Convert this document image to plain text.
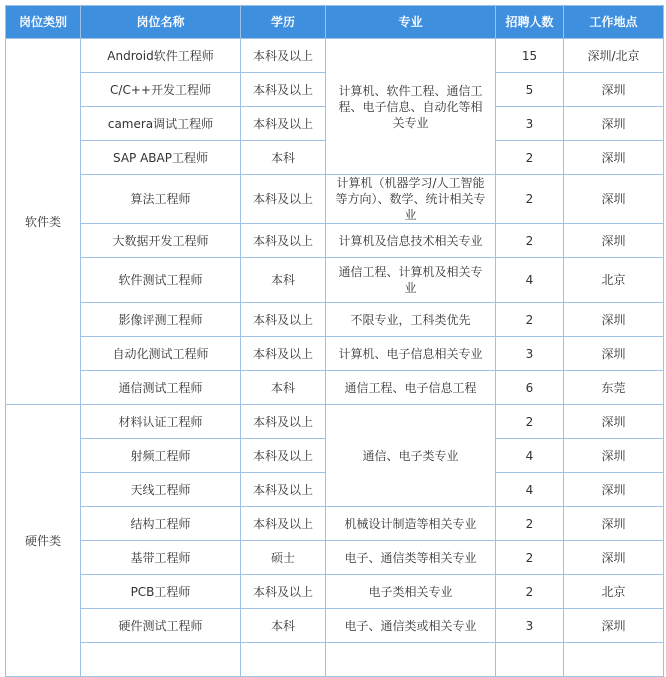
岗位类别	岗位名称	学历	专业	招聘人数	工作地点
软件类	Android软件工程师	本科及以上	计算机、软件工程、通信工程、电子信息、自动化等相关专业	15	深圳/北京
	C/C++开发工程师	本科及以上		5	深圳
	camera调试工程师	本科及以上		3	深圳
	SAP ABAP工程师	本科		2	深圳
	算法工程师	本科及以上	计算机（机器学习/人工智能等方向）、数学、统计相关专业	2	深圳
	大数据开发工程师	本科及以上	计算机及信息技术相关专业	2	深圳
	软件测试工程师	本科	通信工程、计算机及相关专业	4	北京
	影像评测工程师	本科及以上	不限专业，工科类优先	2	深圳
	自动化测试工程师	本科及以上	计算机、电子信息相关专业	3	深圳
	通信测试工程师	本科	通信工程、电子信息工程	6	东莞
硬件类	材料认证工程师	本科及以上	通信、电子类专业	2	深圳
	射频工程师	本科及以上		4	深圳
	天线工程师	本科及以上		4	深圳
	结构工程师	本科及以上	机械设计制造等相关专业	2	深圳
	基带工程师	硕士	电子、通信类等相关专业	2	深圳
	PCB工程师	本科及以上	电子类相关专业	2	北京
	硬件测试工程师	本科	电子、通信类或相关专业	3	深圳
